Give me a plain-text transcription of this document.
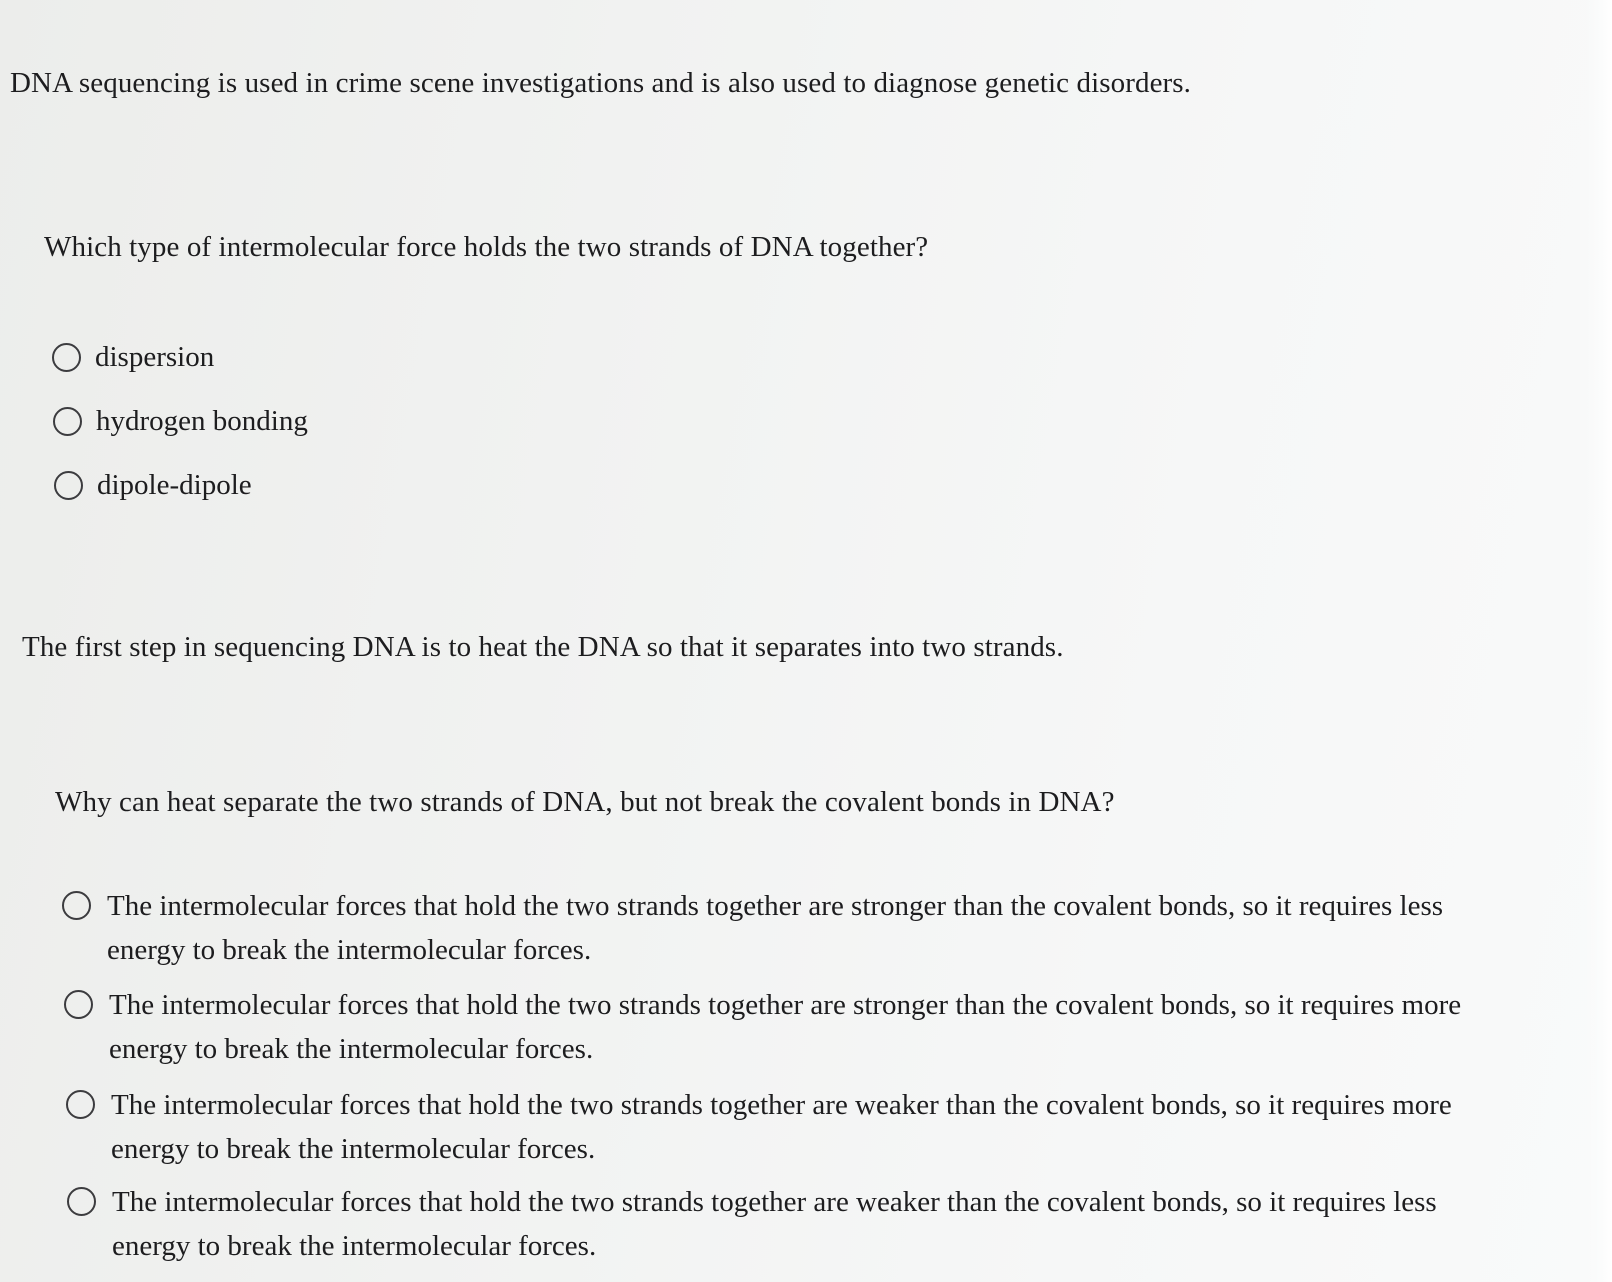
DNA sequencing is used in crime scene investigations and is also used to diagnose genetic disorders.
Which type of intermolecular force holds the two strands of DNA together?
dispersion
hydrogen bonding
dipole-dipole
The first step in sequencing DNA is to heat the DNA so that it separates into two strands.
Why can heat separate the two strands of DNA, but not break the covalent bonds in DNA?
The intermolecular forces that hold the two strands together are stronger than the covalent bonds, so it requires less energy to break the intermolecular forces.
The intermolecular forces that hold the two strands together are stronger than the covalent bonds, so it requires more energy to break the intermolecular forces.
The intermolecular forces that hold the two strands together are weaker than the covalent bonds, so it requires more energy to break the intermolecular forces.
The intermolecular forces that hold the two strands together are weaker than the covalent bonds, so it requires less energy to break the intermolecular forces.
